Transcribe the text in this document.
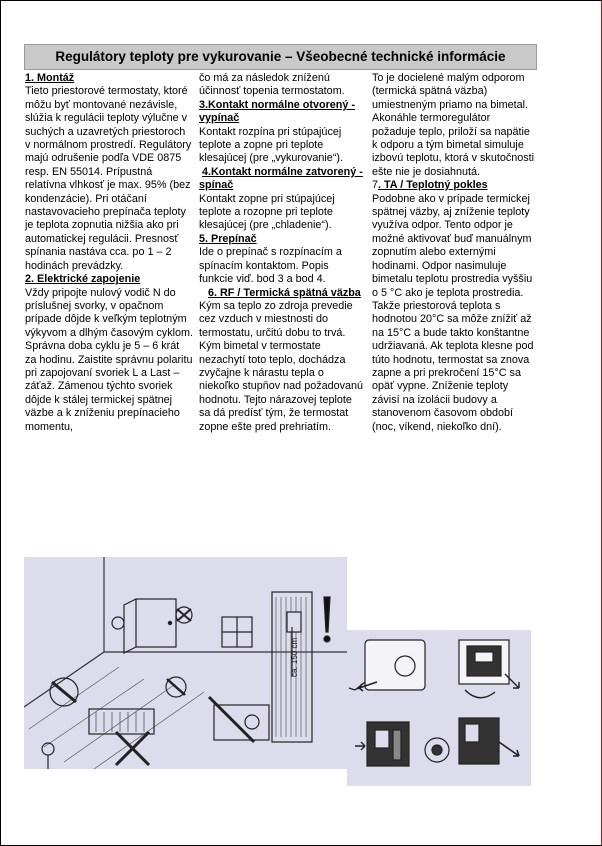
Regulátory teploty pre vykurovanie – Všeobecné technické informácie

1. Montáž

Tieto priestorové termostaty, ktoré môžu byť montované nezávisle, slúžia k regulácii teploty výlučne v suchých a uzavretých priestoroch v normálnom prostredí. Regulátory majú odrušenie podľa VDE 0875 resp. EN 55014. Prípustná relatívna vlhkosť je max. 95% (bez kondenzácie). Pri otáčaní nastavovacieho prepínača teploty je teplota zopnutia nižšia ako pri automatickej regulácii. Presnosť spínania nastáva cca. po 1 – 2 hodinách prevádzky.

2. Elektrické zapojenie

Vždy pripojte nulový vodič N do príslušnej svorky, v opačnom prípade dôjde k veľkým teplotným výkyvom a dlhým časovým cyklom. Správna doba cyklu je 5 – 6 krát za hodinu. Zaistite správnu polaritu pri zapojovaní svoriek L a Last – záťaž. Zámenou týchto svoriek dôjde k stálej termickej spätnej väzbe a k zníženiu prepínacieho momentu,

čo má za následok zníženú účinnosť topenia termostatom.

3.Kontakt normálne otvorený - vypínač

Kontakt rozpína pri stúpajúcej teplote a zopne pri teplote klesajúcej (pre „vykurovanie“).

4.Kontakt normálne zatvorený - spínač

Kontakt zopne pri stúpajúcej teplote a rozopne pri teplote klesajúcej (pre „chladenie“).

5. Prepínač

Ide o prepínač s rozpínacím a spínacím kontaktom. Popis funkcie viď. bod 3 a bod 4.

6. RF / Termická spätná väzba

Kým sa teplo zo zdroja prevedie cez vzduch v miestnosti do termostatu, určitú dobu to trvá. Kým bimetal v termostate nezachytí toto teplo, dochádza zvyčajne k nárastu tepla o niekoľko stupňov nad požadovanú hodnotu. Tejto nárazovej teplote sa dá predísť tým, že termostat zopne ešte pred prehriatím.

To je docielené malým odporom (termická spätná väzba) umiestneným priamo na bimetal. Akonáhle termoregulátor požaduje teplo, priloží sa napätie k odporu a tým bimetal simuluje izbovú teplotu, ktorá v skutočnosti ešte nie je dosiahnutá.

7. TA / Teplotný pokles

Podobne ako v prípade termickej spätnej väzby, aj zníženie teploty využíva odpor. Tento odpor je možné aktivovať buď manuálnym zopnutím alebo externými hodinami. Odpor nasimuluje bimetalu teplotu prostredia vyššiu o 5 °C ako je teplota prostredia. Takže priestorová teplota s hodnotou 20°C sa môže znížiť až na 15°C a bude takto konštantne udržiavaná. Ak teplota klesne pod túto hodnotu, termostat sa znova zapne a pri prekročení 15°C sa opäť vypne. Zníženie teploty závisí na izolácii budovy a stanovenom časovom období (noc, víkend, niekoľko dní).

ca. 150 cm
